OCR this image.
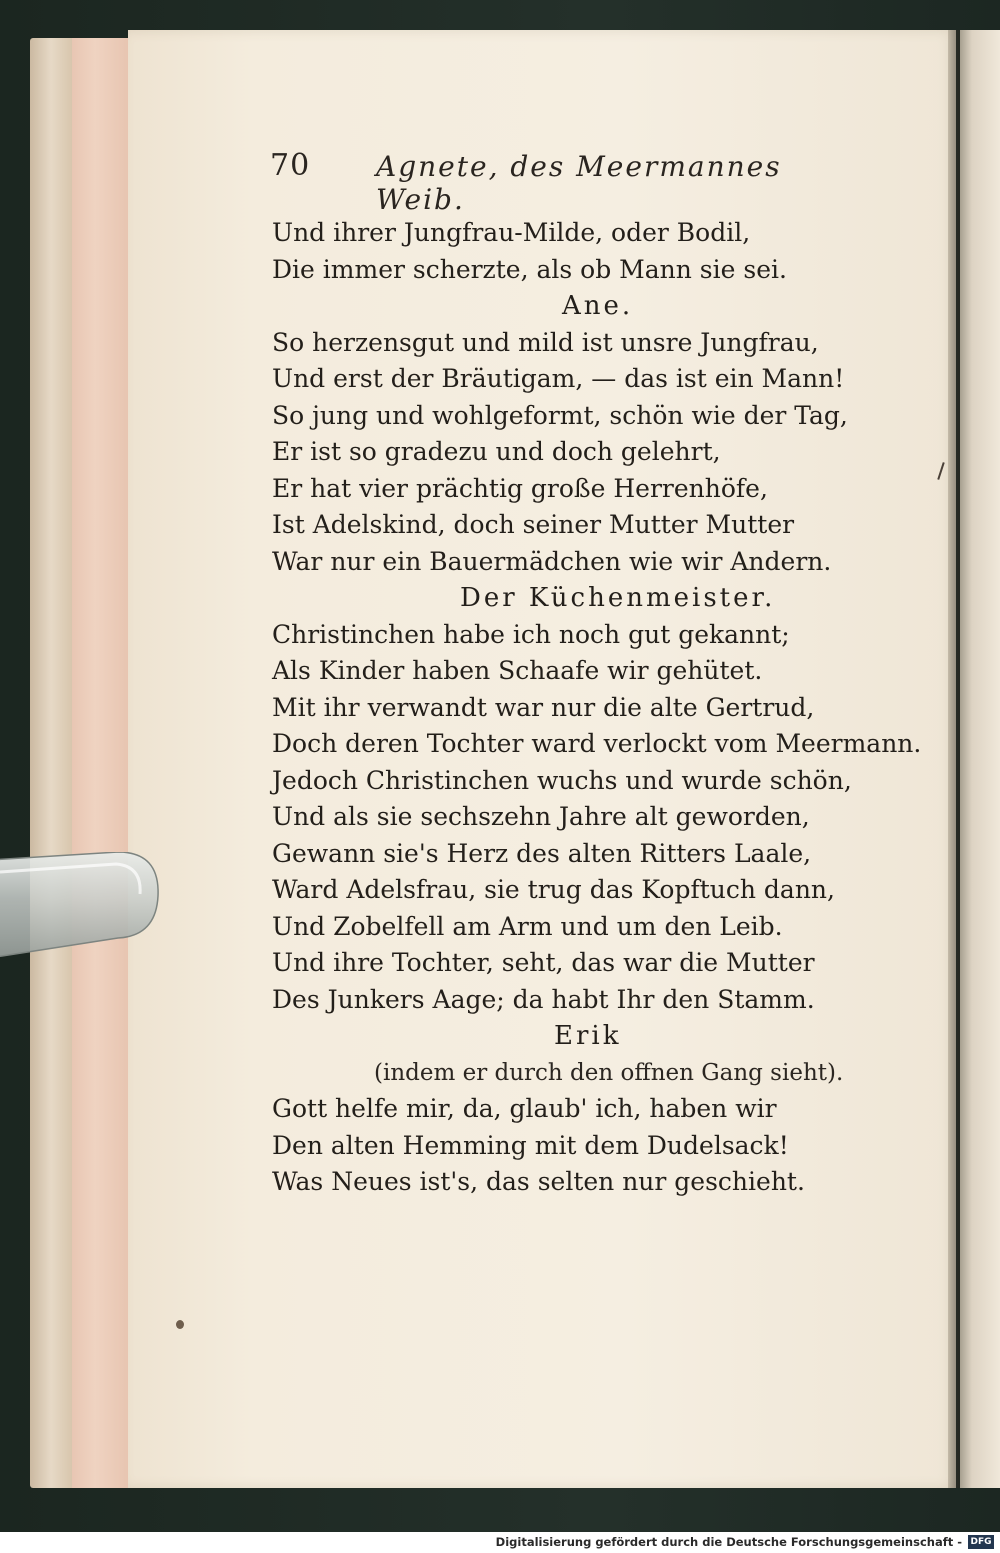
70 Agnete, des Meermannes Weib.
Und ihrer Jungfrau-Milde, oder Bodil,
Die immer scherzte, als ob Mann sie sei.
Ane.
So herzensgut und mild ist unsre Jungfrau,
Und erst der Bräutigam, — das ist ein Mann!
So jung und wohlgeformt, schön wie der Tag,
Er ist so gradezu und doch gelehrt,
Er hat vier prächtig große Herrenhöfe,
Ist Adelskind, doch seiner Mutter Mutter
War nur ein Bauermädchen wie wir Andern.
Der Küchenmeister.
Christinchen habe ich noch gut gekannt;
Als Kinder haben Schaafe wir gehütet.
Mit ihr verwandt war nur die alte Gertrud,
Doch deren Tochter ward verlockt vom Meermann.
Jedoch Christinchen wuchs und wurde schön,
Und als sie sechszehn Jahre alt geworden,
Gewann sie's Herz des alten Ritters Laale,
Ward Adelsfrau, sie trug das Kopftuch dann,
Und Zobelfell am Arm und um den Leib.
Und ihre Tochter, seht, das war die Mutter
Des Junkers Aage; da habt Ihr den Stamm.
Erik
(indem er durch den offnen Gang sieht).
Gott helfe mir, da, glaub' ich, haben wir
Den alten Hemming mit dem Dudelsack!
Was Neues ist's, das selten nur geschieht.
Digitalisierung gefördert durch die Deutsche Forschungsgemeinschaft - DFG
